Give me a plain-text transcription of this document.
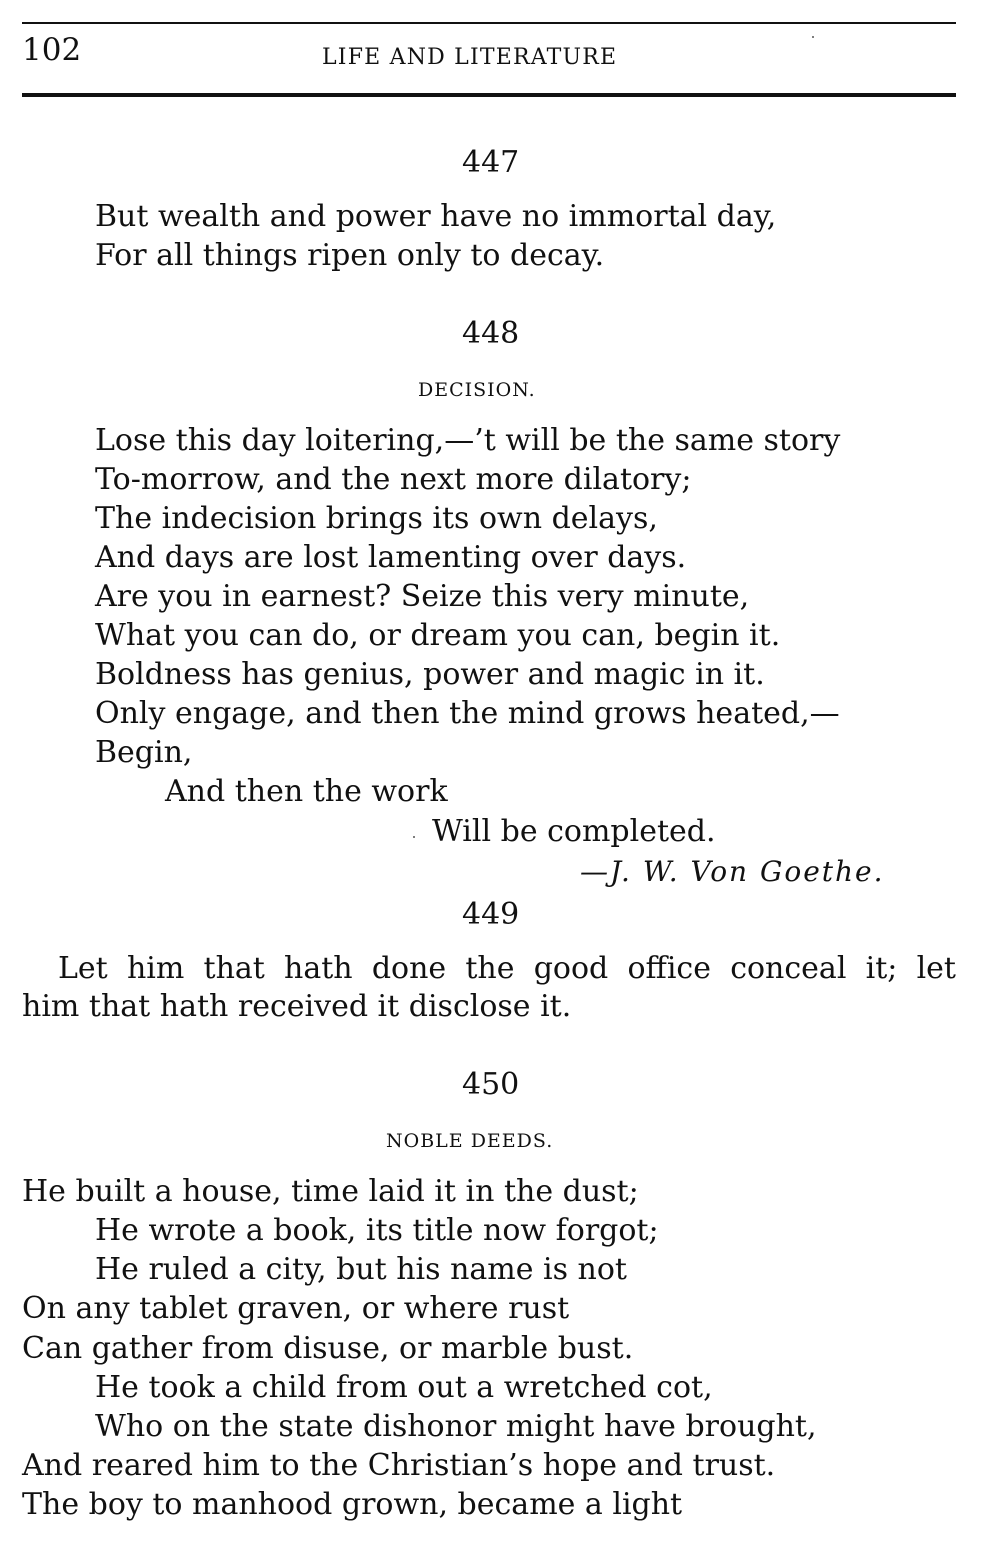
102	LIFE AND LITERATURE
447
But wealth and power have no immortal day,
For all things ripen only to decay.
448
DECISION.
Lose this day loitering,—’t will be the same story
To-morrow, and the next more dilatory;
The indecision brings its own delays,
And days are lost lamenting over days.
Are you in earnest? Seize this very minute,
What you can do, or dream you can, begin it.
Boldness has genius, power and magic in it.
Only engage, and then the mind grows heated,—
Begin,
And then the work
Will be completed.
—J. W. Von Goethe.
449
Let him that hath done the good office conceal it; let
him that hath received it disclose it.
450
NOBLE DEEDS.
He built a house, time laid it in the dust;
He wrote a book, its title now forgot;
He ruled a city, but his name is not
On any tablet graven, or where rust
Can gather from disuse, or marble bust.
He took a child from out a wretched cot,
Who on the state dishonor might have brought,
And reared him to the Christian’s hope and trust.
The boy to manhood grown, became a light
